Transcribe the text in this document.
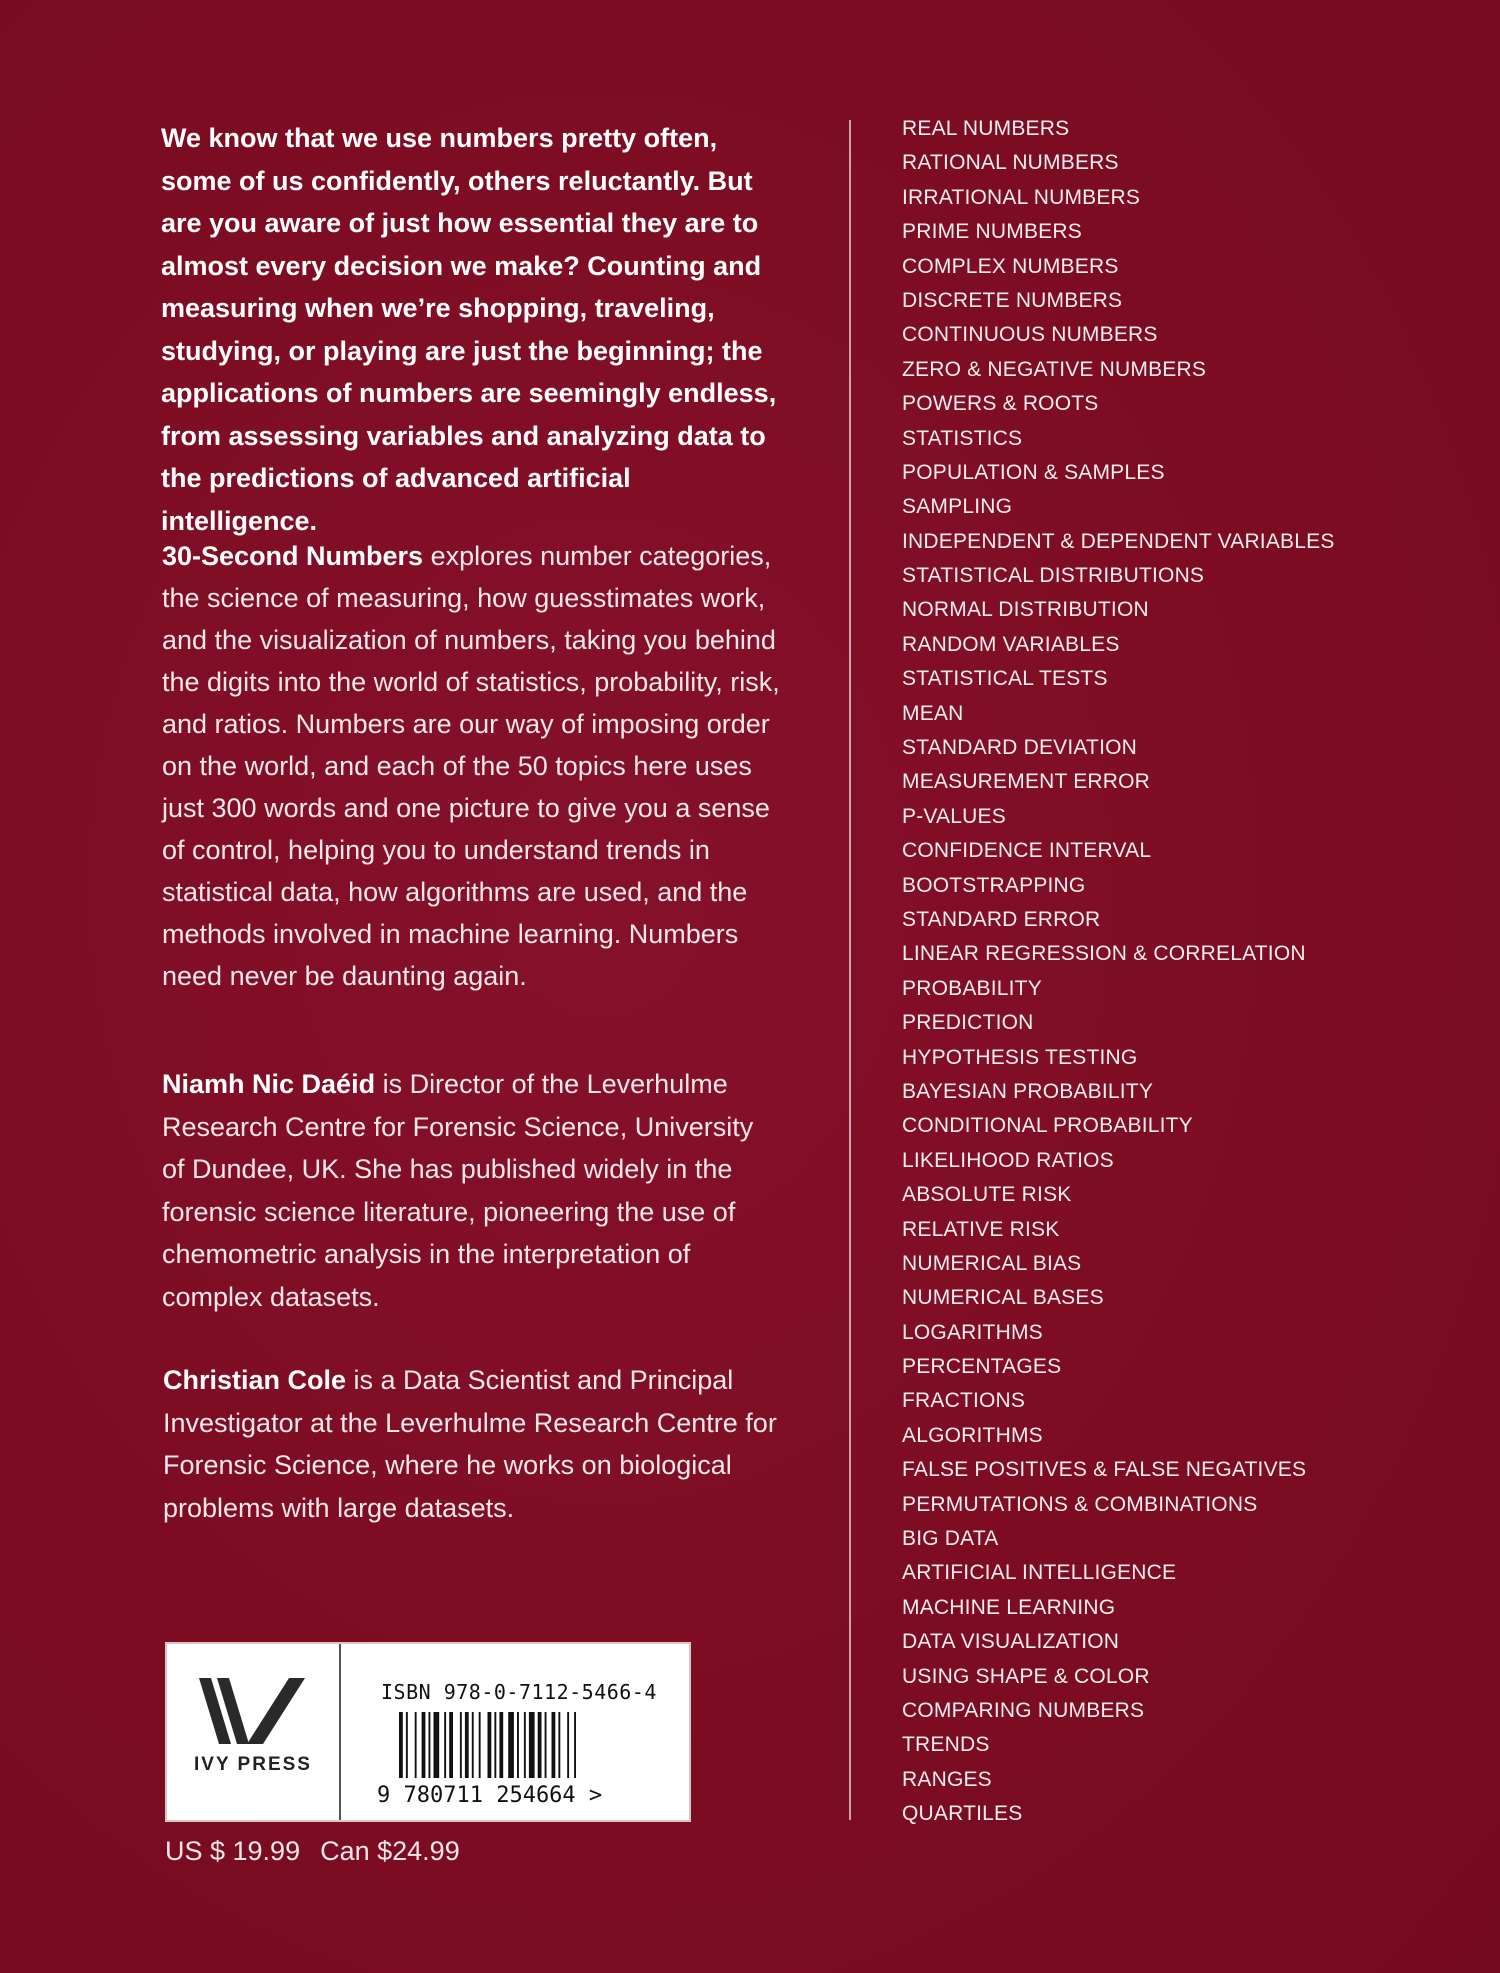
We know that we use numbers pretty often, some of us confidently, others reluctantly. But are you aware of just how essential they are to almost every decision we make? Counting and measuring when we’re shopping, traveling, studying, or playing are just the beginning; the applications of numbers are seemingly endless, from assessing variables and analyzing data to the predictions of advanced artificial intelligence.

30-Second Numbers explores number categories, the science of measuring, how guesstimates work, and the visualization of numbers, taking you behind the digits into the world of statistics, probability, risk, and ratios. Numbers are our way of imposing order on the world, and each of the 50 topics here uses just 300 words and one picture to give you a sense of control, helping you to understand trends in statistical data, how algorithms are used, and the methods involved in machine learning. Numbers need never be daunting again.

Niamh Nic Daéid is Director of the Leverhulme Research Centre for Forensic Science, University of Dundee, UK. She has published widely in the forensic science literature, pioneering the use of chemometric analysis in the interpretation of complex datasets.

Christian Cole is a Data Scientist and Principal Investigator at the Leverhulme Research Centre for Forensic Science, where he works on biological problems with large datasets.

REAL NUMBERS
RATIONAL NUMBERS
IRRATIONAL NUMBERS
PRIME NUMBERS
COMPLEX NUMBERS
DISCRETE NUMBERS
CONTINUOUS NUMBERS
ZERO & NEGATIVE NUMBERS
POWERS & ROOTS
STATISTICS
POPULATION & SAMPLES
SAMPLING
INDEPENDENT & DEPENDENT VARIABLES
STATISTICAL DISTRIBUTIONS
NORMAL DISTRIBUTION
RANDOM VARIABLES
STATISTICAL TESTS
MEAN
STANDARD DEVIATION
MEASUREMENT ERROR
P-VALUES
CONFIDENCE INTERVAL
BOOTSTRAPPING
STANDARD ERROR
LINEAR REGRESSION & CORRELATION
PROBABILITY
PREDICTION
HYPOTHESIS TESTING
BAYESIAN PROBABILITY
CONDITIONAL PROBABILITY
LIKELIHOOD RATIOS
ABSOLUTE RISK
RELATIVE RISK
NUMERICAL BIAS
NUMERICAL BASES
LOGARITHMS
PERCENTAGES
FRACTIONS
ALGORITHMS
FALSE POSITIVES & FALSE NEGATIVES
PERMUTATIONS & COMBINATIONS
BIG DATA
ARTIFICIAL INTELLIGENCE
MACHINE LEARNING
DATA VISUALIZATION
USING SHAPE & COLOR
COMPARING NUMBERS
TRENDS
RANGES
QUARTILES
IVY PRESS
ISBN 978-0-7112-5466-4
9 780711 254664 >

US $ 19.99 Can $24.99
